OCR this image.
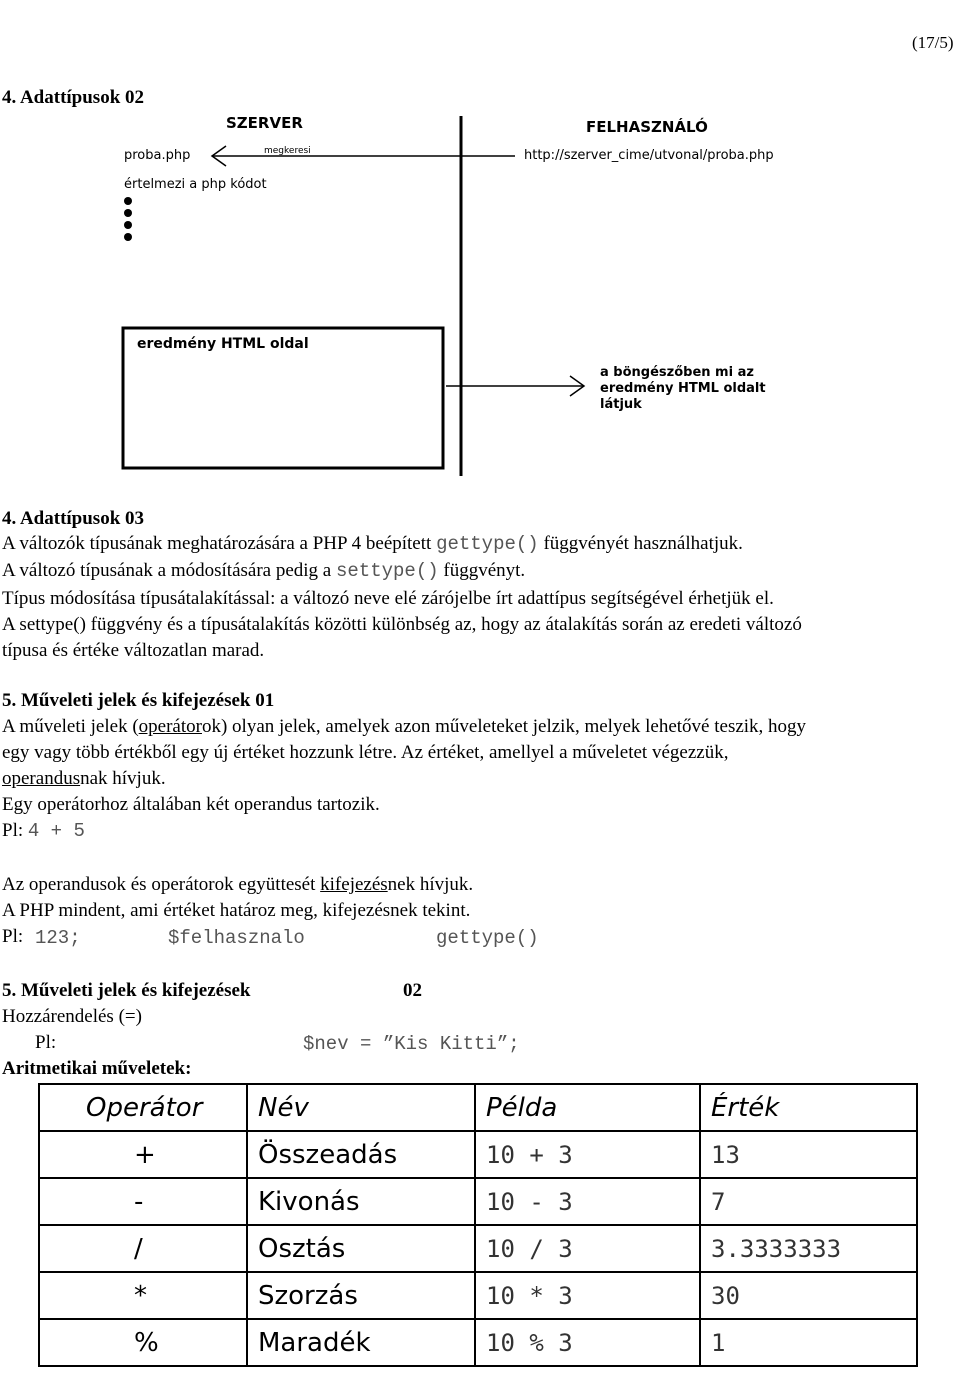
Andrikó Imre „Internet programozása” c. tárgy előadásain
bemutatott prezentációjának nyomtatóbarát változata. NYF. 2007.
(17/5)
4. Adattípusok 02
SZERVER	FELHASZNÁLÓ
proba.php	megkeresi	http://szerver_cime/utvonal/proba.php
értelmezi a php kódot
eredmény HTML oldal
a böngészőben mi az
eredmény HTML oldalt
látjuk
4. Adattípusok 03
A változók típusának meghatározására a PHP 4 beépített gettype() függvényét használhatjuk.
A változó típusának a módosítására pedig a settype() függvényt.
Típus módosítása típusátalakítással: a változó neve elé zárójelbe írt adattípus segítségével érhetjük el.
A settype() függvény és a típusátalakítás közötti különbség az, hogy az átalakítás során az eredeti változó
típusa és értéke változatlan marad.
5. Műveleti jelek és kifejezések 01
A műveleti jelek (operátorok) olyan jelek, amelyek azon műveleteket jelzik, melyek lehetővé teszik, hogy
egy vagy több értékből egy új értéket hozzunk létre. Az értéket, amellyel a műveletet végezzük,
operandusnak hívjuk.
Egy operátorhoz általában két operandus tartozik.
Pl: 4 + 5
Az operandusok és operátorok együttesét kifejezésnek hívjuk.
A PHP mindent, ami értéket határoz meg, kifejezésnek tekint.
Pl: 123;	$felhasznalo	gettype()
5. Műveleti jelek és kifejezések	02
Hozzárendelés (=)
Pl:	$nev = ”Kis Kitti”;
Aritmetikai műveletek:
Operátor	Név	Példa	Érték
+	Összeadás	10 + 3	13
-	Kivonás	10 - 3	7
/	Osztás	10 / 3	3.3333333
*	Szorzás	10 * 3	30
%	Maradék	10 % 3	1
